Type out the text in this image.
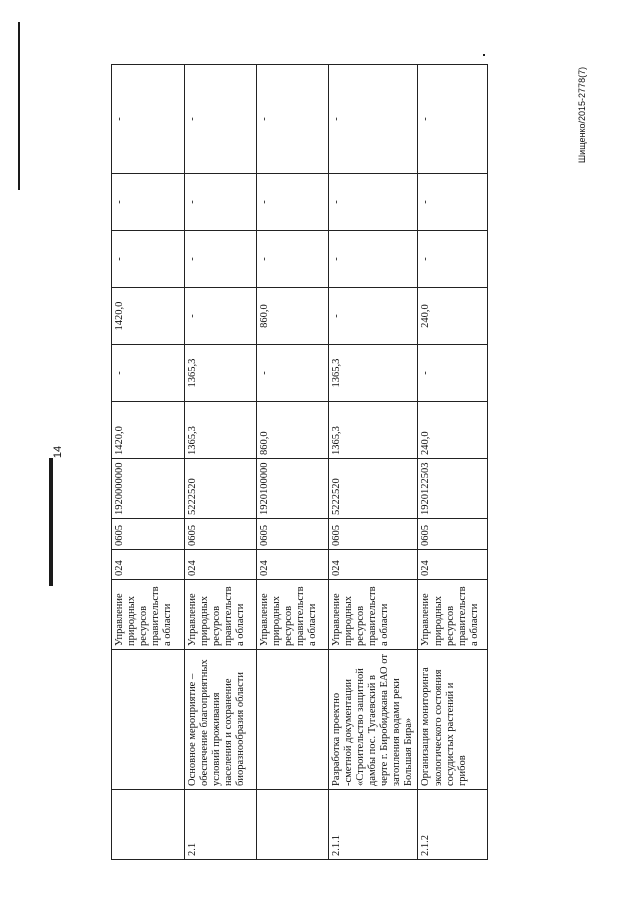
14
Шищенко/2015-2778(7)
		Управление природных ресурсов правительства области	024	0605	1920000000	1420,0	-	1420,0	-	-	-
2.1	Основное мероприятие – обеспечение благоприятных условий проживания населения и сохранение биоразнообразия области	Управление природных ресурсов правительства области	024	0605	5222520	1365,3	1365,3	-	-	-	-
		Управление природных ресурсов правительства области	024	0605	1920100000	860,0	-	860,0	-	-	-
2.1.1	Разработка проектно -сметной документации «Строительство защитной дамбы пос. Тугаевский в черте г. Биробиджана ЕАО от затопления водами реки Большая Бира»	Управление природных ресурсов правительства области	024	0605	5222520	1365,3	1365,3	-	-	-	-
2.1.2	Организация мониторинга экологического состояния сосудистых растений и грибов	Управление природных ресурсов правительства области	024	0605	1920122503	240,0	-	240,0	-	-	-
